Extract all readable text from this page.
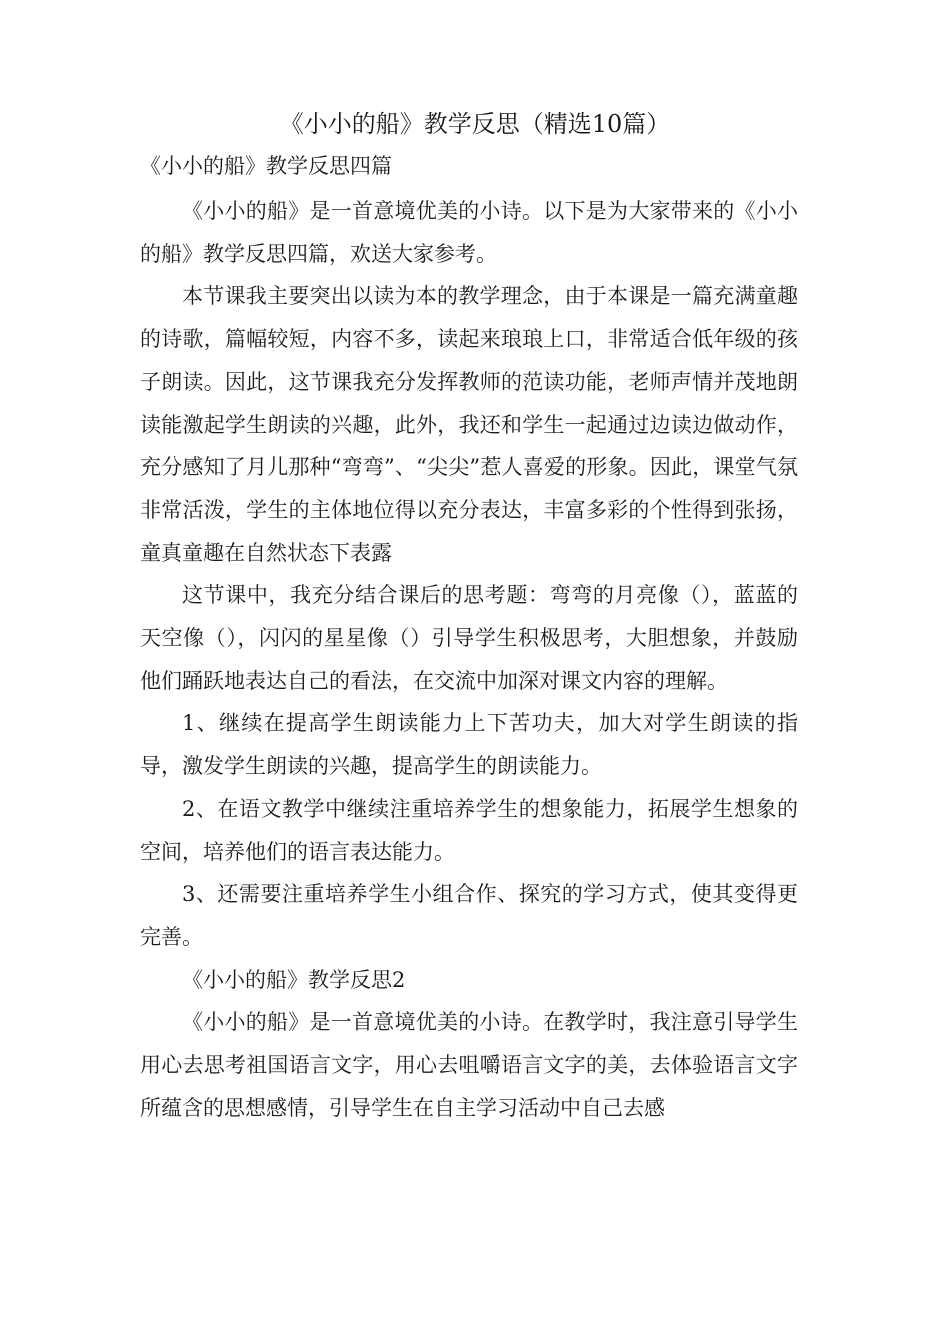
《小小的船》教学反思（精选10篇）
《小小的船》教学反思四篇

《小小的船》是一首意境优美的小诗。以下是为大家带来的《小小的船》教学反思四篇，欢送大家参考。

本节课我主要突出以读为本的教学理念，由于本课是一篇充满童趣的诗歌，篇幅较短，内容不多，读起来琅琅上口，非常适合低年级的孩子朗读。因此，这节课我充分发挥教师的范读功能，老师声情并茂地朗读能激起学生朗读的兴趣，此外，我还和学生一起通过边读边做动作，充分感知了月儿那种“弯弯”、“尖尖”惹人喜爱的形象。因此，课堂气氛非常活泼，学生的主体地位得以充分表达，丰富多彩的个性得到张扬，童真童趣在自然状态下表露

这节课中，我充分结合课后的思考题：弯弯的月亮像（），蓝蓝的天空像（），闪闪的星星像（）引导学生积极思考，大胆想象，并鼓励他们踊跃地表达自己的看法，在交流中加深对课文内容的理解。

1、继续在提高学生朗读能力上下苦功夫，加大对学生朗读的指导，激发学生朗读的兴趣，提高学生的朗读能力。

2、在语文教学中继续注重培养学生的想象能力，拓展学生想象的空间，培养他们的语言表达能力。

3、还需要注重培养学生小组合作、探究的学习方式，使其变得更完善。

《小小的船》教学反思2

《小小的船》是一首意境优美的小诗。在教学时，我注意引导学生用心去思考祖国语言文字，用心去咀嚼语言文字的美，去体验语言文字所蕴含的思想感情，引导学生在自主学习活动中自己去感
